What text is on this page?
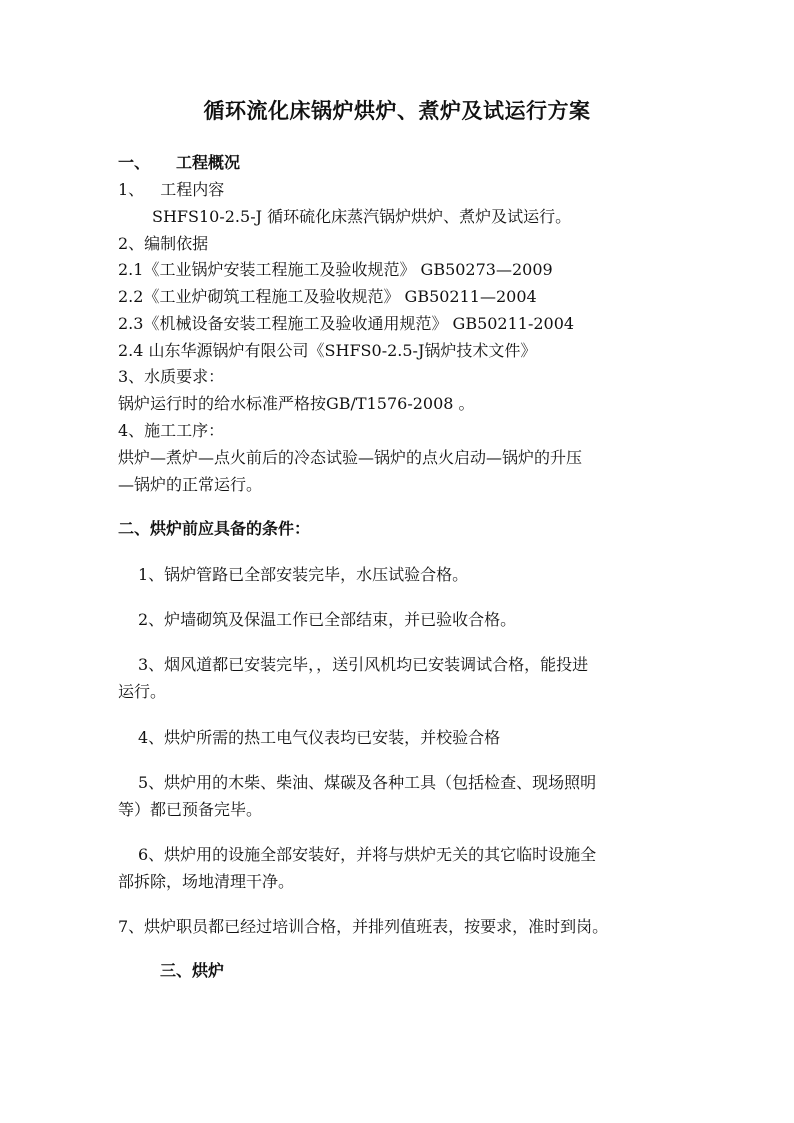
循环流化床锅炉烘炉、煮炉及试运行方案
一、 工程概况
1、 工程内容
SHFS10-2.5-J 循环硫化床蒸汽锅炉烘炉、煮炉及试运行。
2、编制依据
2.1《工业锅炉安装工程施工及验收规范》 GB50273—2009
2.2《工业炉砌筑工程施工及验收规范》 GB50211—2004
2.3《机械设备安装工程施工及验收通用规范》 GB50211-2004
2.4 山东华源锅炉有限公司《SHFS0-2.5-J锅炉技术文件》
3、水质要求：
锅炉运行时的给水标准严格按GB/T1576-2008 。
4、施工工序：
烘炉—煮炉—点火前后的冷态试验—锅炉的点火启动—锅炉的升压
—锅炉的正常运行。
二、烘炉前应具备的条件：
1、锅炉管路已全部安装完毕，水压试验合格。
2、炉墙砌筑及保温工作已全部结束，并已验收合格。
3、烟风道都已安装完毕，，送引风机均已安装调试合格，能投进
运行。
4、烘炉所需的热工电气仪表均已安装，并校验合格
5、烘炉用的木柴、柴油、煤碳及各种工具（包括检查、现场照明
等）都已预备完毕。
6、烘炉用的设施全部安装好，并将与烘炉无关的其它临时设施全
部拆除，场地清理干净。
7、烘炉职员都已经过培训合格，并排列值班表，按要求，准时到岗。
三、烘炉
